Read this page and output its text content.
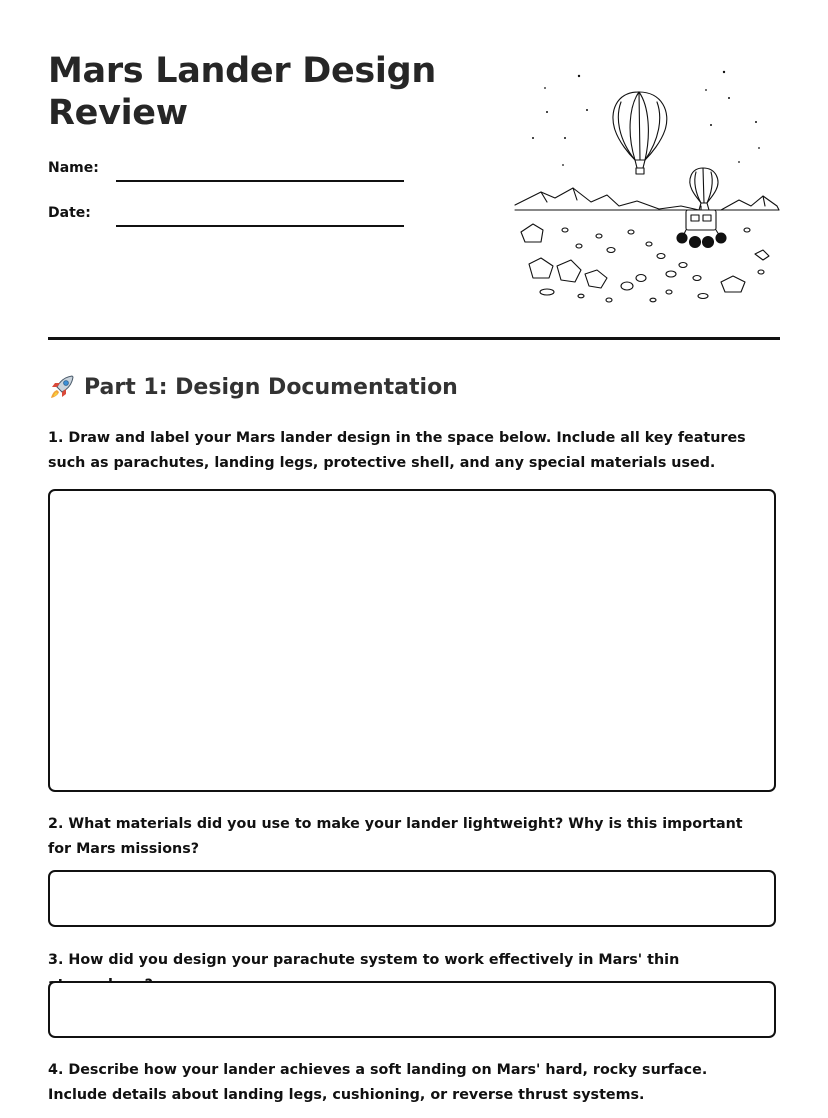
Mars Lander Design Review
Name:
Date:
Part 1: Design Documentation

1. Draw and label your Mars lander design in the space below. Include all key features such as parachutes, landing legs, protective shell, and any special materials used.

2. What materials did you use to make your lander lightweight? Why is this important for Mars missions?

3. How did you design your parachute system to work effectively in Mars' thin

4. Describe how your lander achieves a soft landing on Mars' hard, rocky surface. Include details about landing legs, cushioning, or reverse thrust systems.
